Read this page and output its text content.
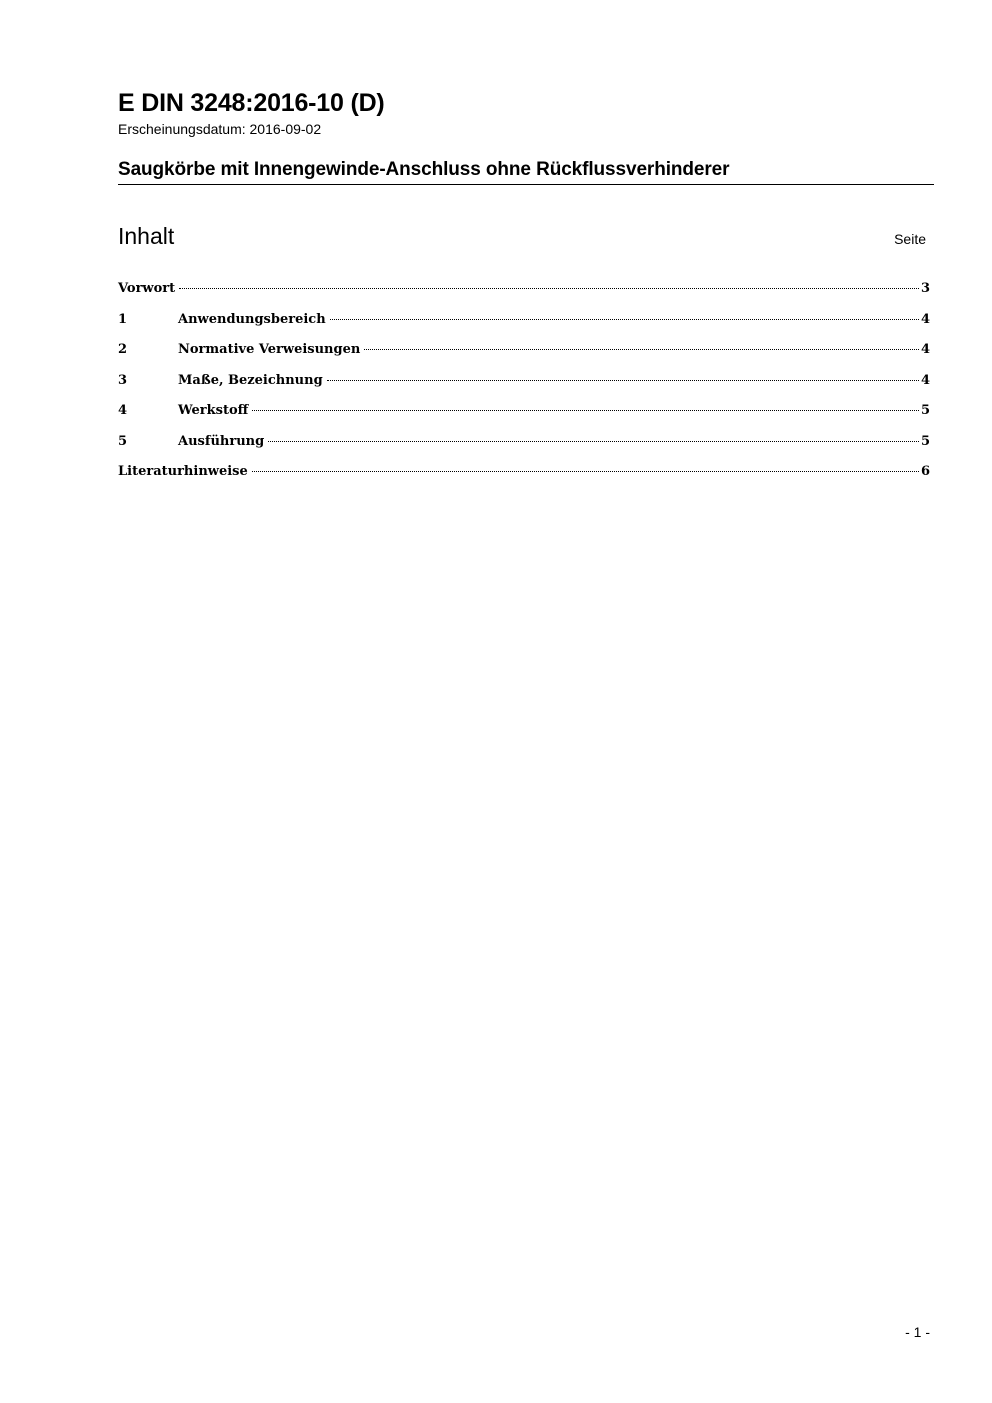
E DIN 3248:2016-10 (D)
Erscheinungsdatum: 2016-09-02
Saugkörbe mit Innengewinde-Anschluss ohne Rückflussverhinderer
Inhalt	Seite
Vorwort	3
1	Anwendungsbereich	4
2	Normative Verweisungen	4
3	Maße, Bezeichnung	4
4	Werkstoff	5
5	Ausführung	5
Literaturhinweise	6
- 1 -
